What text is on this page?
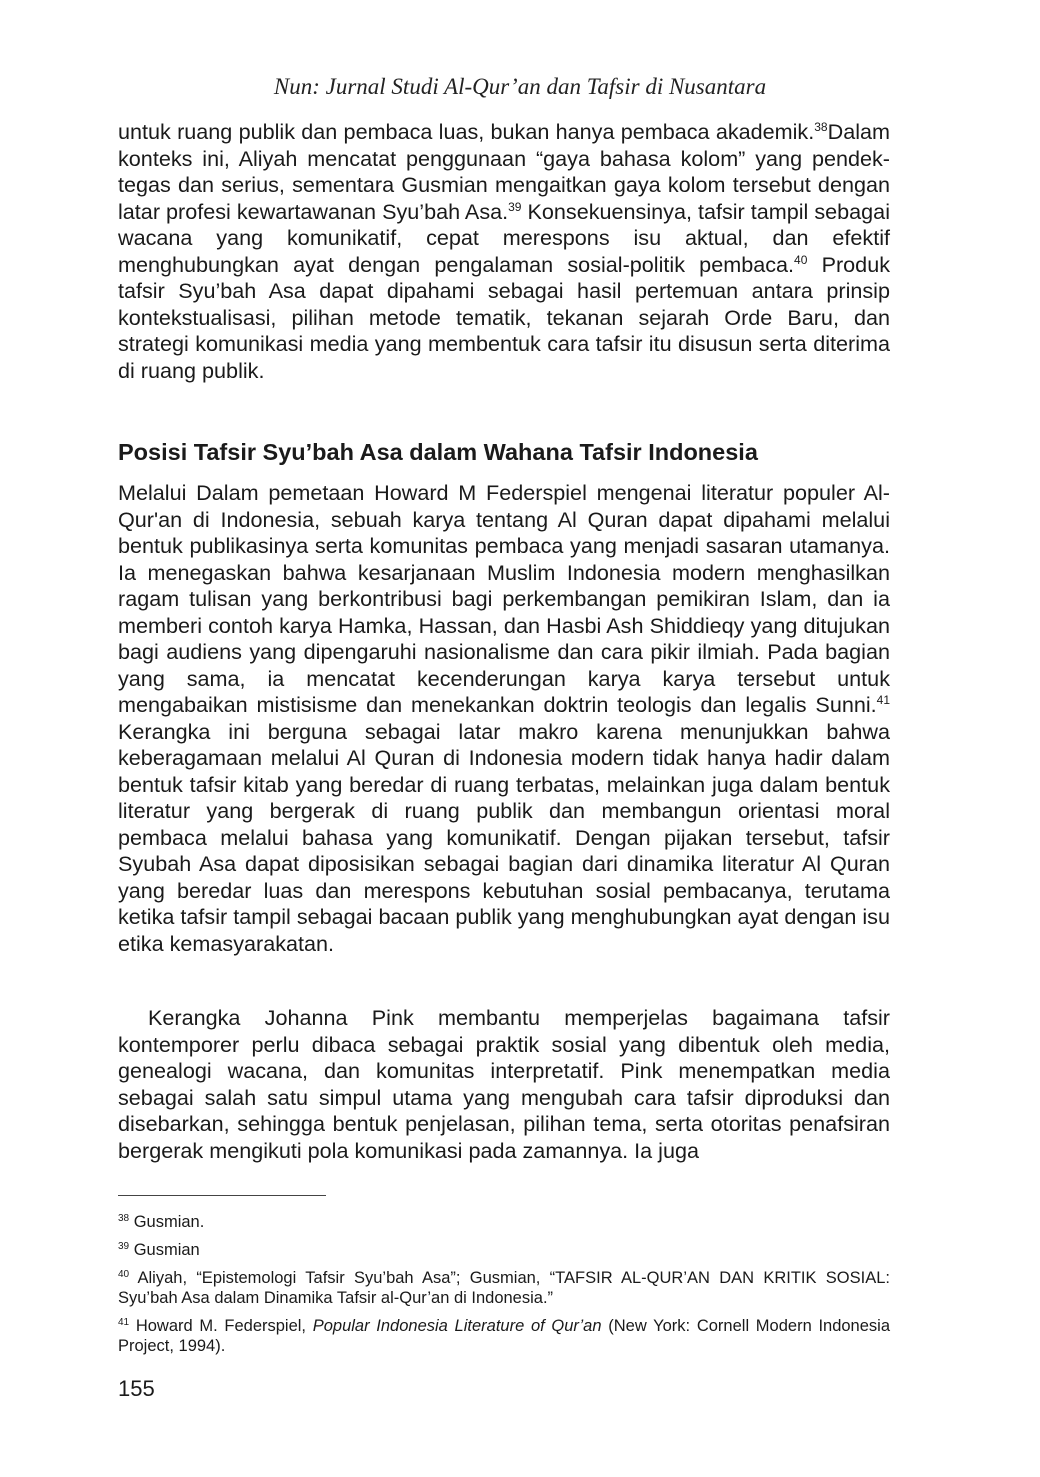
Nun: Jurnal Studi Al-Qur’an dan Tafsir di Nusantara

untuk ruang publik dan pembaca luas, bukan hanya pembaca akademik.$^{38}$Dalam konteks ini, Aliyah mencatat penggunaan “gaya bahasa kolom” yang pendek-tegas dan serius, sementara Gusmian mengaitkan gaya kolom tersebut dengan latar profesi kewartawanan Syu’bah Asa.$^{39}$ Konsekuensinya, tafsir tampil sebagai wacana yang komunikatif, cepat merespons isu aktual, dan efektif menghubungkan ayat dengan pengalaman sosial-politik pembaca.$^{40}$ Produk tafsir Syu’bah Asa dapat dipahami sebagai hasil pertemuan antara prinsip kontekstualisasi, pilihan metode tematik, tekanan sejarah Orde Baru, dan strategi komunikasi media yang membentuk cara tafsir itu disusun serta diterima di ruang publik.

Posisi Tafsir Syu’bah Asa dalam Wahana Tafsir Indonesia

Melalui Dalam pemetaan Howard M Federspiel mengenai literatur populer Al-Qur'an di Indonesia, sebuah karya tentang Al Quran dapat dipahami melalui bentuk publikasinya serta komunitas pembaca yang menjadi sasaran utamanya. Ia menegaskan bahwa kesarjanaan Muslim Indonesia modern menghasilkan ragam tulisan yang berkontribusi bagi perkembangan pemikiran Islam, dan ia memberi contoh karya Hamka, Hassan, dan Hasbi Ash Shiddieqy yang ditujukan bagi audiens yang dipengaruhi nasionalisme dan cara pikir ilmiah. Pada bagian yang sama, ia mencatat kecenderungan karya karya tersebut untuk mengabaikan mistisisme dan menekankan doktrin teologis dan legalis Sunni.$^{41}$ Kerangka ini berguna sebagai latar makro karena menunjukkan bahwa keberagamaan melalui Al Quran di Indonesia modern tidak hanya hadir dalam bentuk tafsir kitab yang beredar di ruang terbatas, melainkan juga dalam bentuk literatur yang bergerak di ruang publik dan membangun orientasi moral pembaca melalui bahasa yang komunikatif. Dengan pijakan tersebut, tafsir Syubah Asa dapat diposisikan sebagai bagian dari dinamika literatur Al Quran yang beredar luas dan merespons kebutuhan sosial pembacanya, terutama ketika tafsir tampil sebagai bacaan publik yang menghubungkan ayat dengan isu etika kemasyarakatan.

Kerangka Johanna Pink membantu memperjelas bagaimana tafsir kontemporer perlu dibaca sebagai praktik sosial yang dibentuk oleh media, genealogi wacana, dan komunitas interpretatif. Pink menempatkan media sebagai salah satu simpul utama yang mengubah cara tafsir diproduksi dan disebarkan, sehingga bentuk penjelasan, pilihan tema, serta otoritas penafsiran bergerak mengikuti pola komunikasi pada zamannya. Ia juga

$^{38}$ Gusmian.

$^{39}$ Gusmian

$^{40}$ Aliyah, “Epistemologi Tafsir Syu’bah Asa”; Gusmian, “TAFSIR AL-QUR’AN DAN KRITIK SOSIAL: Syu’bah Asa dalam Dinamika Tafsir al-Qur’an di Indonesia.”

$^{41}$ Howard M. Federspiel, Popular Indonesia Literature of Qur’an (New York: Cornell Modern Indonesia Project, 1994).

155
